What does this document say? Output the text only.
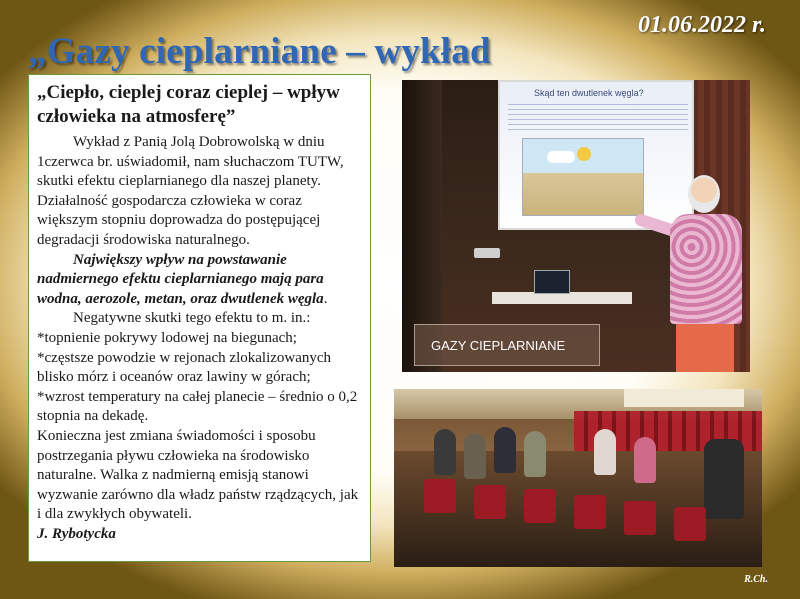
„Gazy cieplarniane – wykład
01.06.2022 r.

„Ciepło, cieplej coraz cieplej – wpływ człowieka na atmosferę”

Wykład z Panią Jolą Dobrowolską w dniu 1czerwca br. uświadomił, nam słuchaczom TUTW, skutki efektu cieplarnianego dla naszej planety. Działalność gospodarcza człowieka w coraz większym stopniu doprowadza do postępującej degradacji środowiska naturalnego.

Największy wpływ na powstawanie nadmiernego efektu cieplarnianego mają para wodna, aerozole, metan, oraz dwutlenek węgla.

Negatywne skutki tego efektu to m. in.:

*topnienie pokrywy lodowej na biegunach;

*częstsze powodzie w rejonach zlokalizowanych blisko mórz i oceanów oraz lawiny w górach;

*wzrost temperatury na całej planecie – średnio o 0,2 stopnia na dekadę.

Konieczna jest zmiana świadomości i sposobu postrzegania pływu człowieka na środowisko naturalne. Walka z nadmierną emisją stanowi wyzwanie zarówno dla władz państw rządzących, jak i dla zwykłych obywateli.

J. Rybotycka

Skąd ten dwutlenek węgla?
GAZY CIEPLARNIANE
R.Ch.
